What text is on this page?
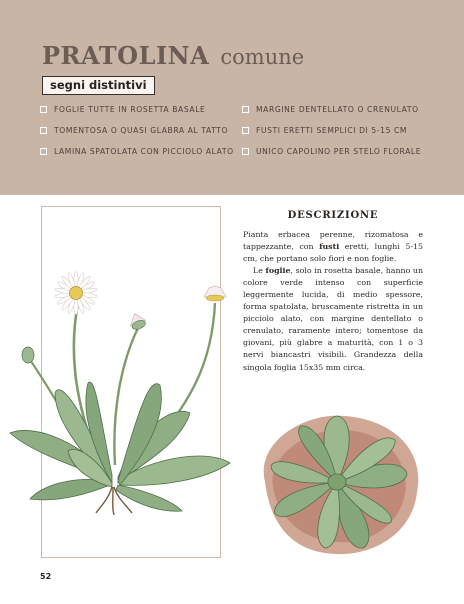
PRATOLINA comune
segni distintivi
FOGLIE TUTTE IN ROSETTA BASALE
TOMENTOSA O QUASI GLABRA AL TATTO
LAMINA SPATOLATA CON PICCIOLO ALATO
MARGINE DENTELLATO O CRENULATO
FUSTI ERETTI SEMPLICI DI 5-15 CM
UNICO CAPOLINO PER STELO FLORALE
DESCRIZIONE

Pianta erbacea perenne, rizomatosa e tappezzante, con fusti eretti, lunghi 5-15 cm, che portano solo fiori e non foglie.

Le foglie, solo in rosetta basale, hanno un colore verde intenso con superficie leggermente lucida, di medio spessore, forma spatolata, bruscamente ristretta in un picciolo alato, con margine dentellato o crenulato, raramente intero; tomentose da giovani, più glabre a maturità, con 1 o 3 nervi biancastri visibili. Grandezza della singola foglia 15x35 mm circa.

52
